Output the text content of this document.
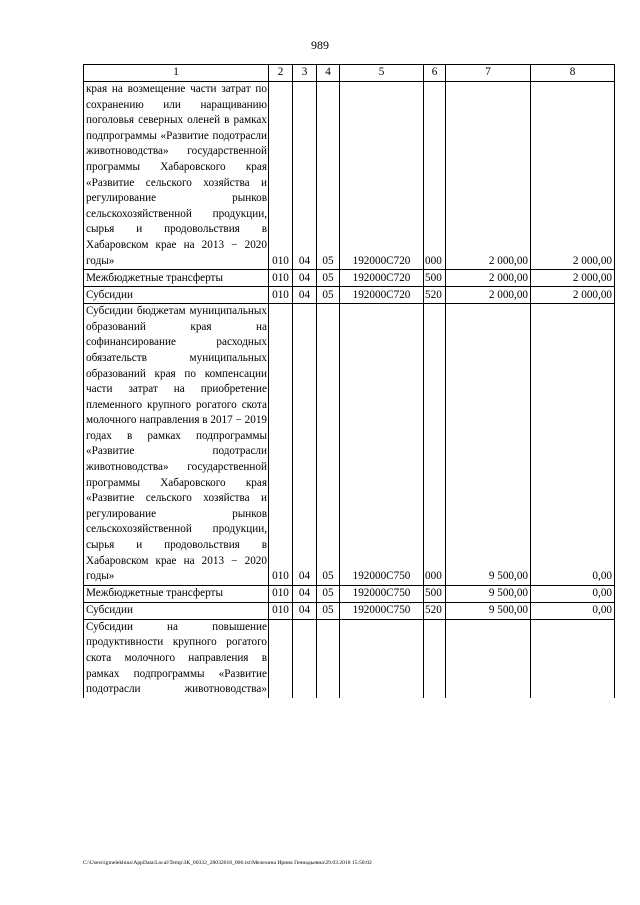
989
1	2	3	4	5	6	7	8
края на возмещение части затрат по сохранению или наращиванию поголовья северных оленей в рамках подпрограммы «Развитие подотрасли животноводства» государственной программы Хабаровского края «Развитие сельского хозяйства и регулирование рынков сельскохозяйственной продукции, сырья и продовольствия в Хабаровском крае на 2013 − 2020 годы»	010	04	05	192000С720	000	2 000,00	2 000,00
Межбюджетные трансферты	010	04	05	192000С720	500	2 000,00	2 000,00
Субсидии	010	04	05	192000С720	520	2 000,00	2 000,00
Субсидии бюджетам муниципальных образований края на софинансирование расходных обязательств муниципальных образований края по компенсации части затрат на приобретение племенного крупного рогатого скота молочного направления в 2017 − 2019 годах в рамках подпрограммы «Развитие подотрасли животноводства» государственной программы Хабаровского края «Развитие сельского хозяйства и регулирование рынков сельскохозяйственной продукции, сырья и продовольствия в Хабаровском крае на 2013 − 2020 годы»	010	04	05	192000С750	000	9 500,00	0,00
Межбюджетные трансферты	010	04	05	192000С750	500	9 500,00	0,00
Субсидии	010	04	05	192000С750	520	9 500,00	0,00
Субсидии на повышение продуктивности крупного рогатого скота молочного направления в рамках подпрограммы «Развитие подотрасли животноводства»							
C:\Users\igmelekhina\AppData\Local\Temp\ЗК_00332_28032018_006.txt\Мелехина Ирина Геннадьевна\29.03.2018 15:58:02
